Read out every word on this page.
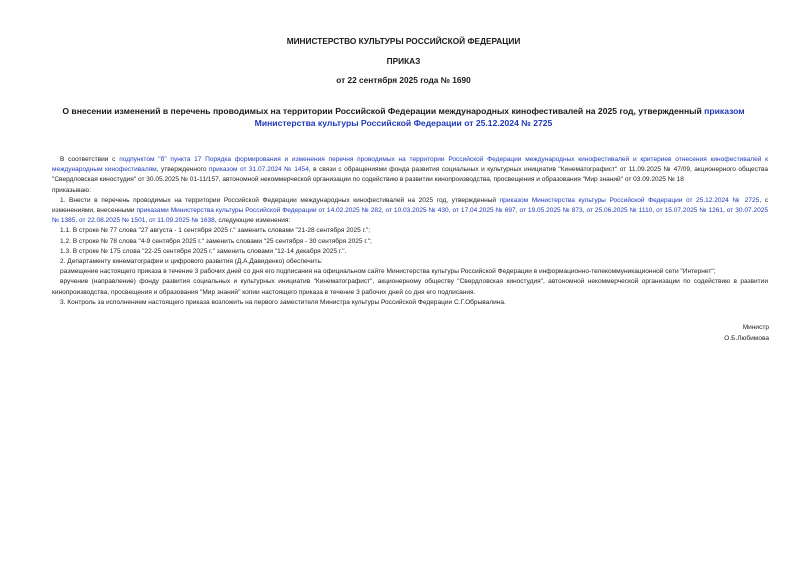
МИНИСТЕРСТВО КУЛЬТУРЫ РОССИЙСКОЙ ФЕДЕРАЦИИ
ПРИКАЗ
от 22 сентября 2025 года № 1690
О внесении изменений в перечень проводимых на территории Российской Федерации международных кинофестивалей на 2025 год, утвержденный приказом Министерства культуры Российской Федерации от 25.12.2024 № 2725

В соответствии с подпунктом "б" пункта 17 Порядка формирования и изменения перечня проводимых на территории Российской Федерации международных кинофестивалей и критериев отнесения кинофестивалей к международным кинофестивалям, утвержденного приказом от 31.07.2024 № 1454, в связи с обращениями фонда развития социальных и культурных инициатив "Кинематографист" от 11.09.2025 № 47/09, акционерного общества "Свердловская киностудия" от 30.05.2025 № 01-11/157, автономной некоммерческой организации по содействию в развитии кинопроизводства, просвещения и образования "Мир знаний" от 03.09.2025 № 18

приказываю:

1. Внести в перечень проводимых на территории Российской Федерации международных кинофестивалей на 2025 год, утвержденный приказом Министерства культуры Российской Федерации от 25.12.2024 № 2725, с изменениями, внесенными приказами Министерства культуры Российской Федерации от 14.02.2025 № 282, от 10.03.2025 № 430, от 17.04.2025 № 697, от 19.05.2025 № 873, от 25.06.2025 № 1110, от 15.07.2025 № 1261, от 30.07.2025 № 1385, от 22.08.2025 № 1501, от 11.09.2025 № 1638, следующие изменения:

1.1. В строке № 77 слова "27 августа - 1 сентября 2025 г." заменить словами "21-28 сентября 2025 г.";

1.2. В строке № 78 слова "4-9 сентября 2025 г." заменить словами "25 сентября - 30 сентября 2025 г.";

1.3. В строке № 175 слова "22-25 сентября 2025 г." заменить словами "12-14 декабря 2025 г.".

2. Департаменту кинематографии и цифрового развития (Д.А.Давиденко) обеспечить:

размещение настоящего приказа в течение 3 рабочих дней со дня его подписания на официальном сайте Министерства культуры Российской Федерации в информационно-телекоммуникационной сети "Интернет";

вручение (направление) фонду развития социальных и культурных инициатив "Кинематографист", акционерному обществу "Свердловская киностудия", автономной некоммерческой организации по содействию в развитии кинопроизводства, просвещения и образования "Мир знаний" копии настоящего приказа в течение 3 рабочих дней со дня его подписания.

3. Контроль за исполнением настоящего приказа возложить на первого заместителя Министра культуры Российской Федерации С.Г.Обрывалина.

Министр
О.Б.Любимова
